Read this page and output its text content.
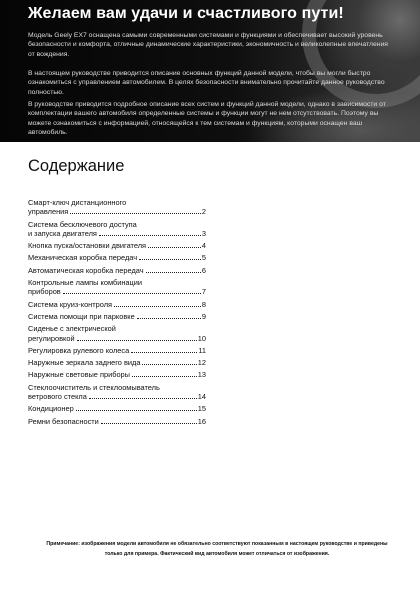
Желаем вам удачи и счастливого пути!

Модель Geely EX7 оснащена самыми современными системами и функциями и обеспечивает высокий уровень безопасности и комфорта, отличные динамические характеристики, экономичность и великолепные впечатления от вождения.

В настоящем руководстве приводится описание основных функций данной модели, чтобы вы могли быстро ознакомиться с управлением автомобилем. В целях безопасности внимательно прочитайте данное руководство полностью.

В руководстве приводится подробное описание всех систем и функций данной модели, однако в зависимости от комплектации вашего автомобиля определенные системы и функции могут не нем отсутствовать. Поэтому вы можете ознакомиться с информацией, относящейся к тем системам и функциям, которыми оснащен ваш автомобиль.

Содержание
Смарт-ключ дистанционного
управления	2
Система бесключевого доступа
и запуска двигателя	3
Кнопка пуска/остановки двигателя	4
Механическая коробка передач	5
Автоматическая коробка передач	6
Контрольные лампы комбинации
приборов	7
Система круиз-контроля	8
Система помощи при парковке	9
Сиденье с электрической
регулировкой	10
Регулировка рулевого колеса	11
Наружные зеркала заднего вида	12
Наружные световые приборы	13
Стеклоочиститель и стеклоомыватель
ветрового стекла	14
Кондиционер	15
Ремни безопасности	16

Примечание: изображения модели автомобиля не обязательно соответствуют показанным в настоящем руководстве и приведены только для примера. Фактический вид автомобиля может отличаться от изображения.
